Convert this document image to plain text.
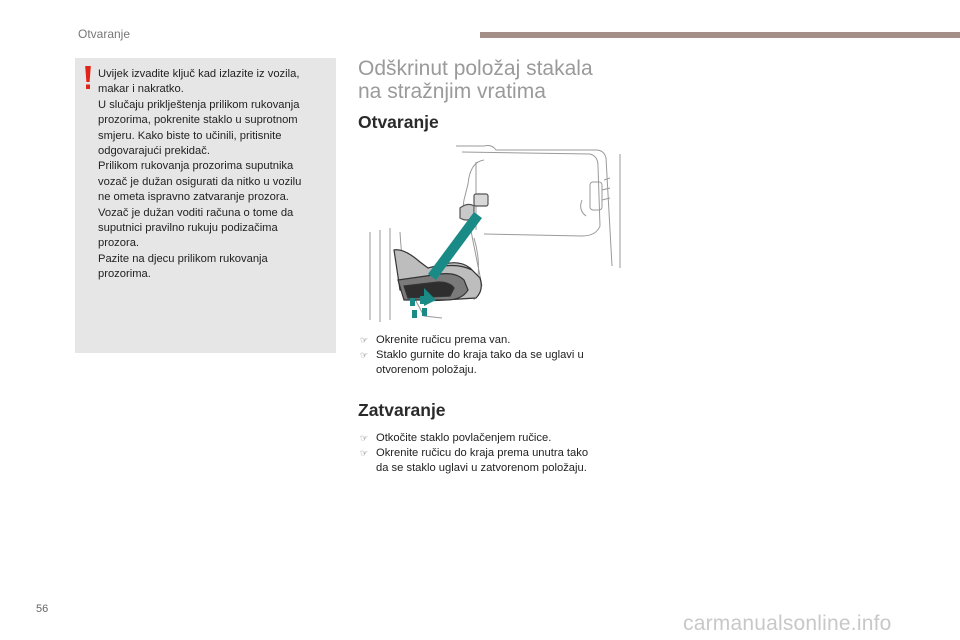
Otvaranje

Uvijek izvadite ključ kad izlazite iz vozila,
makar i nakratko.
U slučaju priklještenja prilikom rukovanja
prozorima, pokrenite staklo u suprotnom
smjeru. Kako biste to učinili, pritisnite
odgovarajući prekidač.
Prilikom rukovanja prozorima suputnika
vozač je dužan osigurati da nitko u vozilu
ne ometa ispravno zatvaranje prozora.
Vozač je dužan voditi računa o tome da
suputnici pravilno rukuju podizačima
prozora.
Pazite na djecu prilikom rukovanja
prozorima.

Odškrinut položaj stakala
na stražnjim vratima
Otvaranje
☞ Okrenite ručicu prema van.
☞ Staklo gurnite do kraja tako da se uglavi u
otvorenom položaju.
Zatvaranje
☞ Otkočite staklo povlačenjem ručice.
☞ Okrenite ručicu do kraja prema unutra tako
da se staklo uglavi u zatvorenom položaju.
56
carmanualsonline.info
